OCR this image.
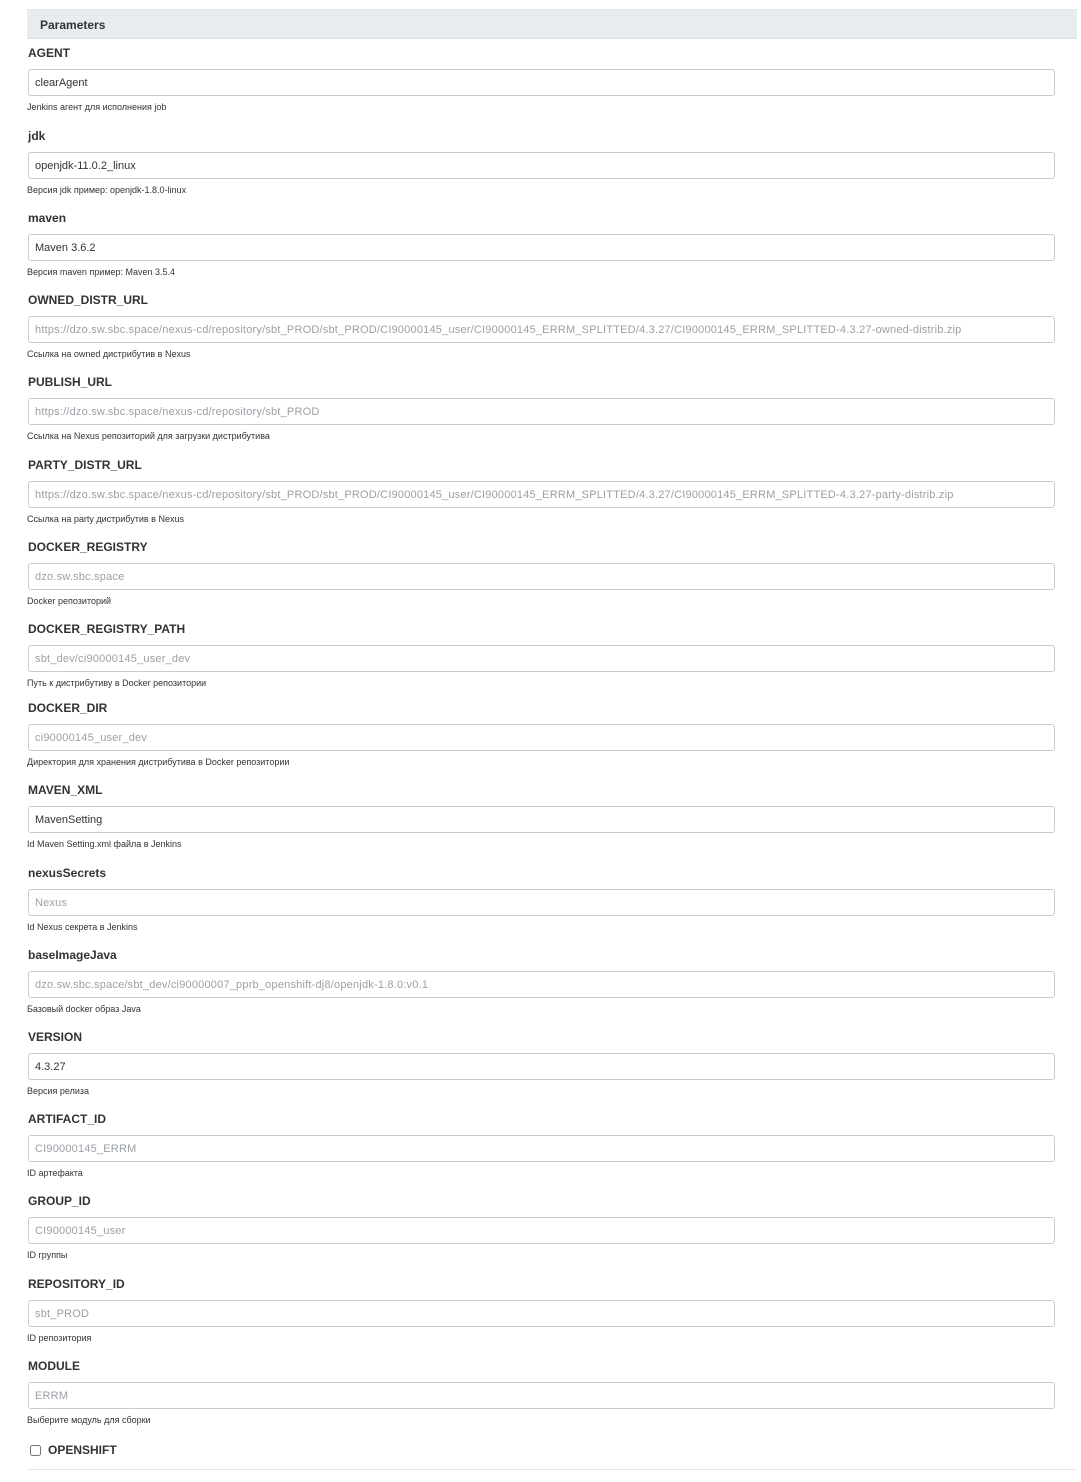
Parameters
AGENT
clearAgent
Jenkins агент для исполнения job
jdk
openjdk-11.0.2_linux
Версия jdk пример: openjdk-1.8.0-linux
maven
Maven 3.6.2
Версия maven пример: Maven 3.5.4
OWNED_DISTR_URL
https://dzo.sw.sbc.space/nexus-cd/repository/sbt_PROD/sbt_PROD/CI90000145_user/CI90000145_ERRM_SPLITTED/4.3.27/CI90000145_ERRM_SPLITTED-4.3.27-owned-distrib.zip
Ссылка на owned дистрибутив в Nexus
PUBLISH_URL
https://dzo.sw.sbc.space/nexus-cd/repository/sbt_PROD
Ссылка на Nexus репозиторий для загрузки дистрибутива
PARTY_DISTR_URL
https://dzo.sw.sbc.space/nexus-cd/repository/sbt_PROD/sbt_PROD/CI90000145_user/CI90000145_ERRM_SPLITTED/4.3.27/CI90000145_ERRM_SPLITTED-4.3.27-party-distrib.zip
Ссылка на party дистрибутив в Nexus
DOCKER_REGISTRY
dzo.sw.sbc.space
Docker репозиторий
DOCKER_REGISTRY_PATH
sbt_dev/ci90000145_user_dev
Путь к дистрибутиву в Docker репозитории
DOCKER_DIR
ci90000145_user_dev
Директория для хранения дистрибутива в Docker репозитории
MAVEN_XML
MavenSetting
Id Maven Setting.xml файла в Jenkins
nexusSecrets
Nexus
Id Nexus секрета в Jenkins
baseImageJava
dzo.sw.sbc.space/sbt_dev/ci90000007_pprb_openshift-dj8/openjdk-1.8.0:v0.1
Базовый docker образ Java
VERSION
4.3.27
Версия релиза
ARTIFACT_ID
CI90000145_ERRM
ID артефакта
GROUP_ID
CI90000145_user
ID группы
REPOSITORY_ID
sbt_PROD
ID репозитория
MODULE
ERRM
Выберите модуль для сборки
OPENSHIFT
